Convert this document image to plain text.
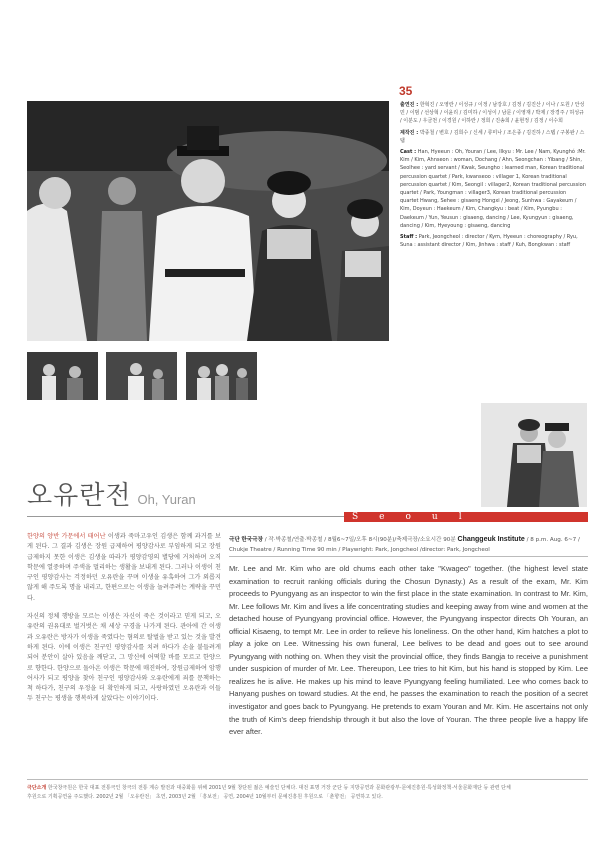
35

출연진 : 한혁진 / 오영란 / 이성규 / 이정 / 남강호 / 김정 / 김진산 / 이나 / 도원 / 안성민 / 이범 / 선상혁 / 이윤리 / 김미하 / 이성이 / 남문 / 이영재 / 박제 / 장경주 / 허성규 / 이분도 / 우금천 / 이경원 / 이하란 / 정희 / 진송희 / 윤현정 / 김정 / 이수희

제작진 : 박종철 / 변호 / 김희수 / 신세 / 류미나 / 조은종 / 김진하 / 스텝 / 구봉완 / 스탭

Cast : Han, Hyeeun : Oh, Youran / Lee, Ilkyu : Mr. Lee / Nam, Kyunghó :Mr. Kim / Kim, Ahnseon : woman, Dochang / Ahn, Seongchan : Yibang / Shin, Seolhee : yard servant / Kwak, Seungho : learned man, Korean traditional percussion quartet / Park, kwanseoo : villager 1, Korean traditional percussion quartet / Kim, Seongil : villager2, Korean traditional percussion quartet / Park, Youngman : villager3, Korean traditional percussion quartet Hwang, Sehee : gisaeng Hongxi / Jeong, Sunhwa : Gayakeum / Kim, Doyeun : Haekeum / Kim, Changkyu : beat / Kim, Pyungbu : Daekeum / Yun, Yeusun : gisaeng, dancing / Lee, Kyungyun : gisaeng, dancing / Kim, Hyeyoung : gisaeng, dancing

Staff : Park, Jeongcheol : director / Kym, Hyeeun : choreography / Ryu, Suna : assistant director / Kim, Jinhwa : staff / Kuh, Bongkwan : staff

오유란전 Oh, Yuran
Seoul

한양의 양반 가문에서 태어난 이생과 죽마고우인 김생은 함께 과거를 보게 된다. 그 결과 김생은 장원 급제하여 평양감사로 부임하게 되고 장원급제하지 못한 이생은 김생을 따라가 평양감영의 별당에 거처하며 오직 학문에 열중하며 주색을 멀리하는 생활을 보내게 된다. 그러나 이생이 친구인 평양감사는 걱정하던 오유란을 꾸며 이생을 유혹하여 그가 외롭지 않게 해 주도록 명을 내리고, 한편으로는 이생을 놀려주려는 계략을 꾸민다.

자신의 정체 행방을 모르는 이생은 자신이 죽은 것이라고 믿게 되고, 오유란의 권유대로 벌거벗은 채 세상 구경을 나가게 된다. 관아에 간 이생과 오유란은 방자가 이생을 죽였다는 혐의로 탈벌을 받고 있는 것을 발견하게 된다. 이에 이생은 친구인 평양감사를 치려 하다가 손을 붙들려게 되어 분안이 살아 있음을 깨닫고, 그 망신에 어떡할 바를 모르고 한양으로 향한다. 한양으로 돌아온 이생은 학문에 매진하여, 장원급제하여 암행어사가 되고 평양을 찾아 친구인 평양감사와 오유란에게 죄를 문책하는 척 하다가, 친구의 우정을 더 확인하게 되고, 사랑하였던 오유란과 이들 두 친구는 평생을 행복하게 살았다는 이야기이다.

극단 한국극장 / 작·박종철/연출·박종철 / 8월6~7일/오후 8시(90분)/축제극장/소요시간 90분 Changgeuk Institute / 8 p.m. Aug. 6~7 / Chukje Theatre / Running Time 90 min / Playwright: Park, Jongcheol /director: Park, Jongcheol
Mr. Lee and Mr. Kim who are old chums each other take "Kwageo" together. (the highest level state examination to recruit ranking officials during the Chosun Dynasty.) As a result of the exam, Mr. Kim proceeds to Pyungyang as an inspector to win the first place in the state examination. In contrast to Mr. Kim, Mr. Lee follows Mr. Kim and lives a life concentrating studies and keeping away from wine and women at the detached house of Pyungyang provincial office. However, the Pyungyang inspector directs Oh Youran, an official Kisaeng, to tempt Mr. Lee in order to relieve his loneliness. On the other hand, Kim hatches a plot to play a joke on Lee. Witnessing his own funeral, Lee belives to be dead and goes out to see around Pyungyang with nothing on. When they visit the provincial office, they finds Bangja to receive a punishment under suspicion of murder of Mr. Lee. Thereupon, Lee tries to hit Kim, but his hand is stopped by Kim. Lee realizes he is alive. He makes up his mind to leave Pyungyang feeling humiliated. Lee who comes back to Hanyang pushes on toward studies. At the end, he passes the examination to reach the position of a secret investigator and goes back to Pyungyang. He pretends to exam Youran and Mr. Kim. He ascertains not only the truth of Kim's deep friendship through it but also the love of Youran. The three people live a happy life ever after.
극단소개 한국창극원은 한국 대표 전통극인 창극의 전통 계승 발전과 대중화를 위해 2001년 9월 창단된 젊은 예술인 단체다. 대전 표명 거장 군단 등 지방공연과 문화관광부·문예진흥원·특성화정책·서울문화재단 등 관련 단체
후원으로 기획공연을 주도했다. 2002년 2월 「오유란전」 초연, 2003년 2월 「흥보전」 공연, 2004년 10월부터 문예진흥원 후원으로 「춘향전」 공연하고 있다.
